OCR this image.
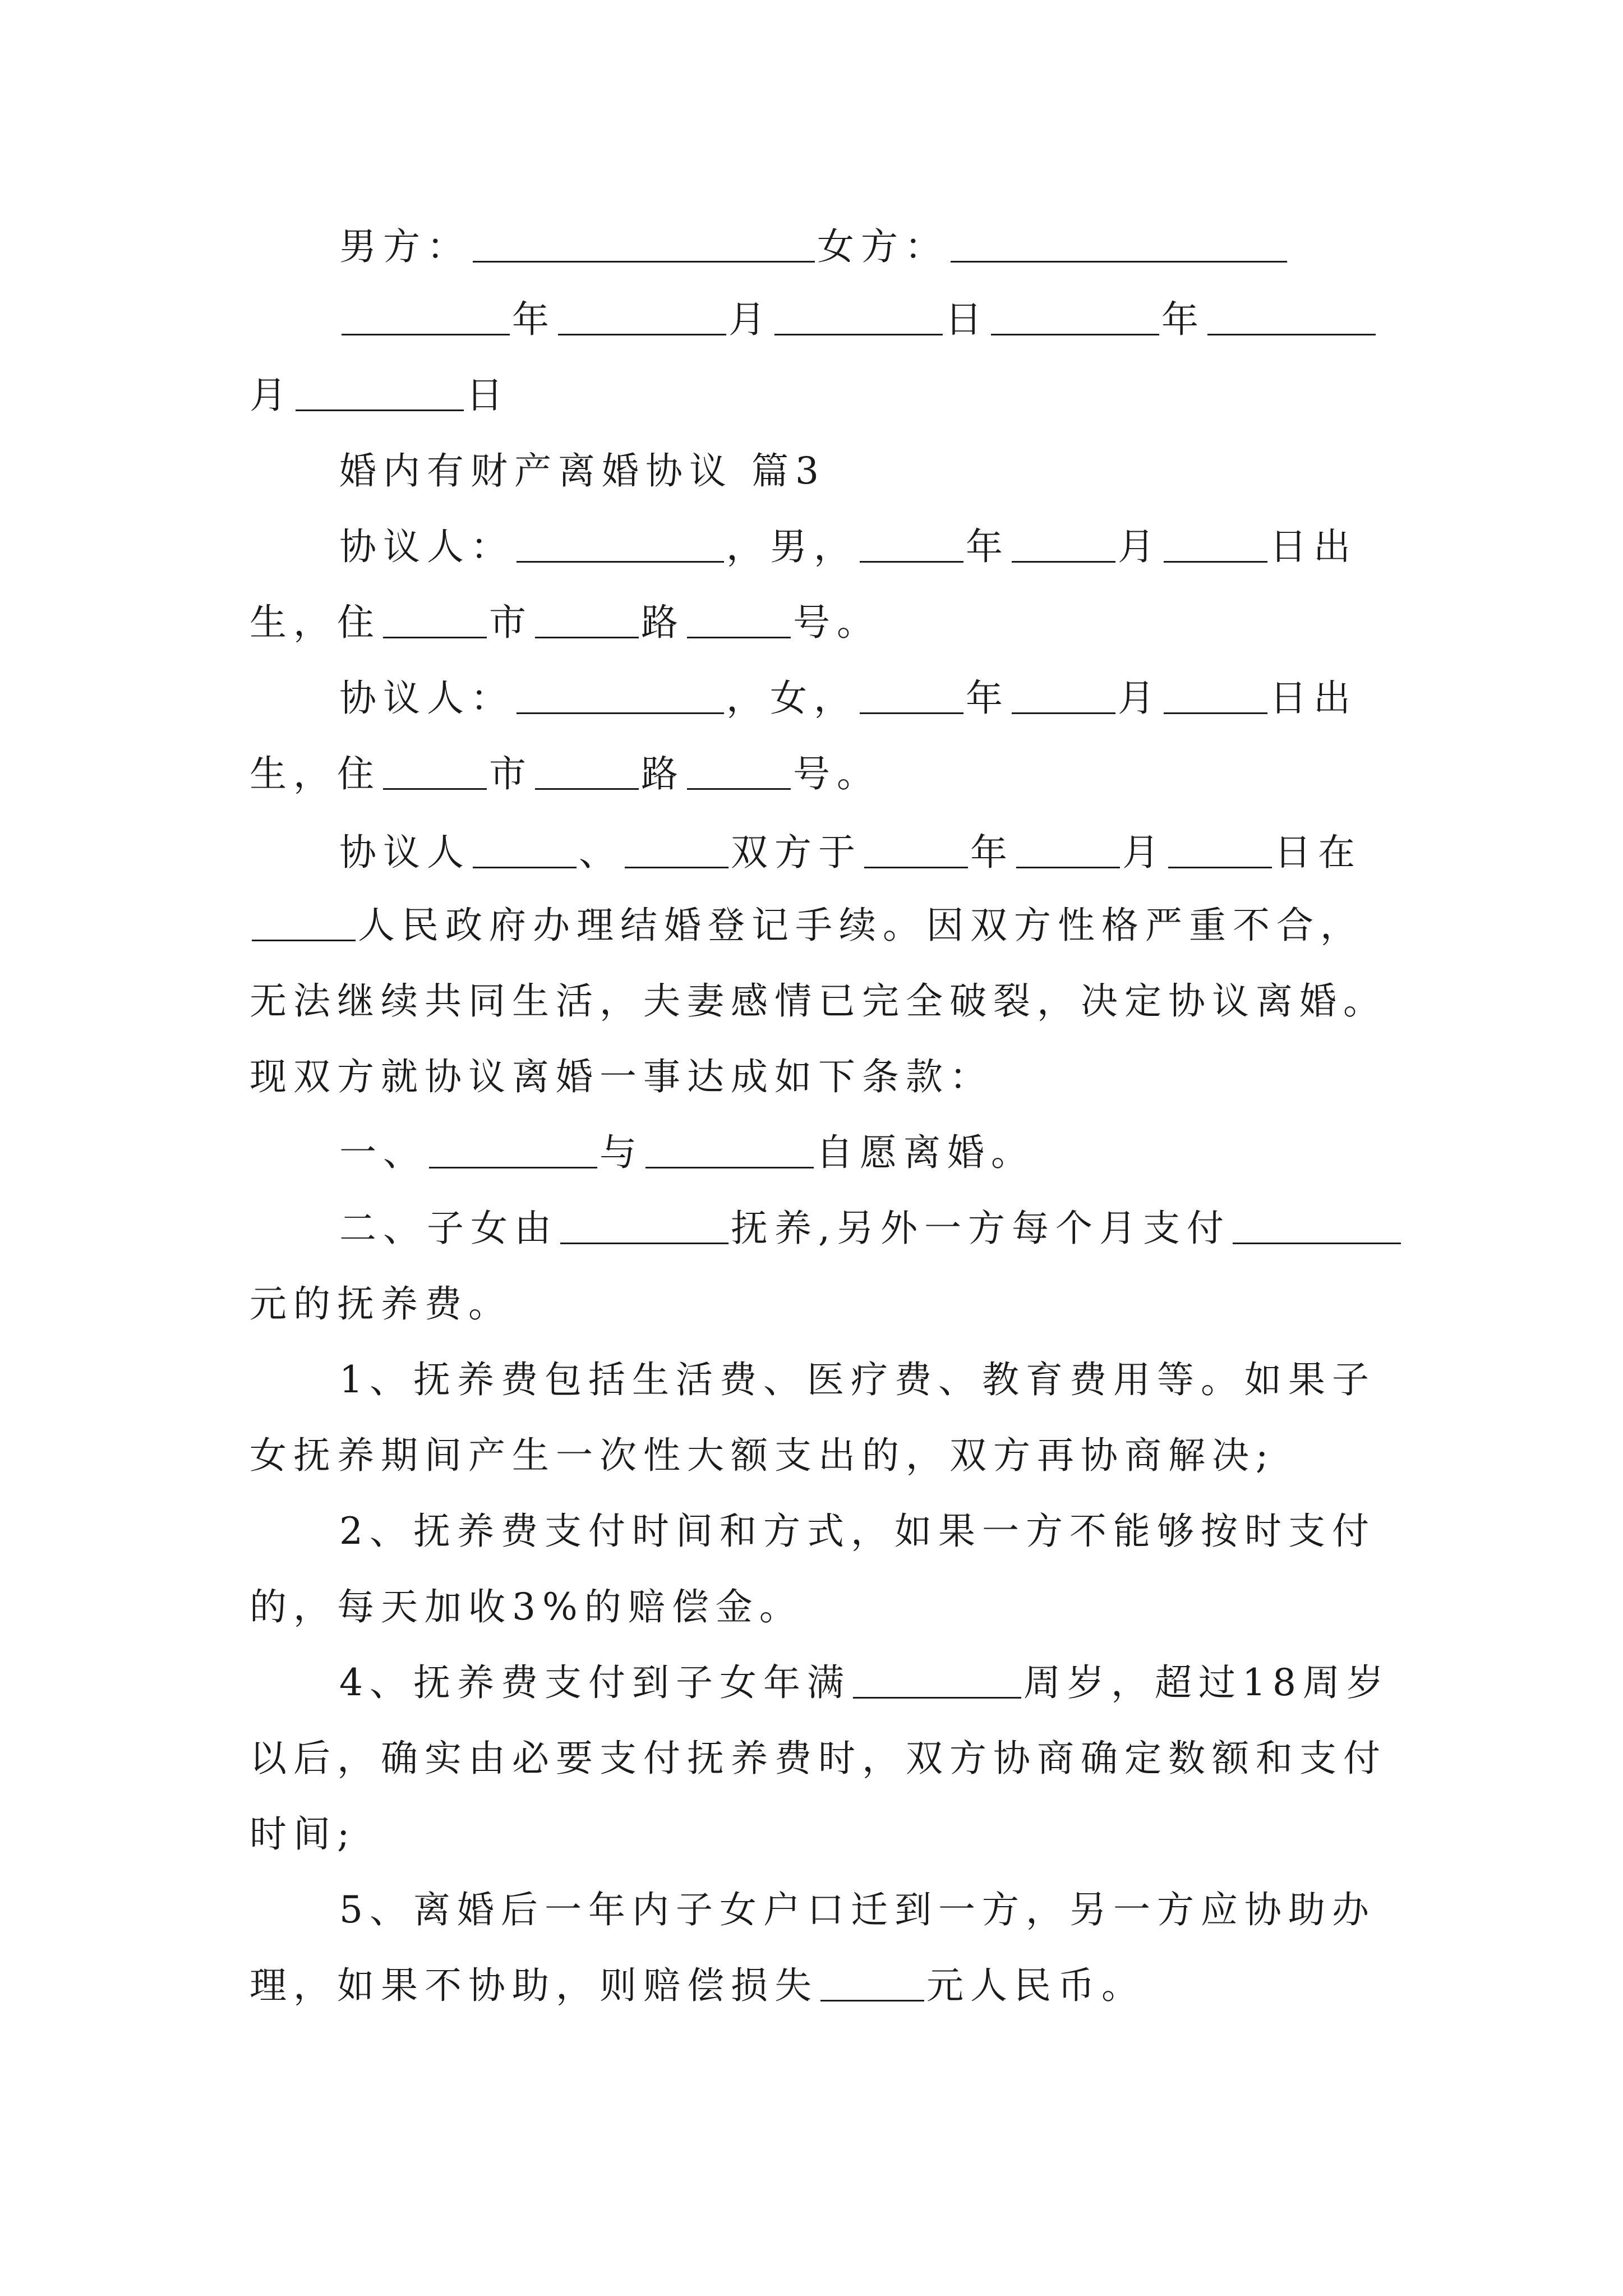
男方：	女方：
年	月	日	年
月	日
婚内有财产离婚协议 篇3
协议人：	，男，	年	月	日出
生，住	市	路	号。
协议人：	，女，	年	月	日出
生，住	市	路	号。
协议人	、	双方于	年	月	日在
人民政府办理结婚登记手续。因双方性格严重不合，
无法继续共同生活，夫妻感情已完全破裂，决定协议离婚。
现双方就协议离婚一事达成如下条款：
一、	与	自愿离婚。
二、子女由	抚养,另外一方每个月支付
元的抚养费。
1、抚养费包括生活费、医疗费、教育费用等。如果子
女抚养期间产生一次性大额支出的，双方再协商解决;
2、抚养费支付时间和方式，如果一方不能够按时支付
的，每天加收3%的赔偿金。
4、抚养费支付到子女年满	周岁，超过18周岁
以后，确实由必要支付抚养费时，双方协商确定数额和支付
时间;
5、离婚后一年内子女户口迁到一方，另一方应协助办
理，如果不协助，则赔偿损失	元人民币。
